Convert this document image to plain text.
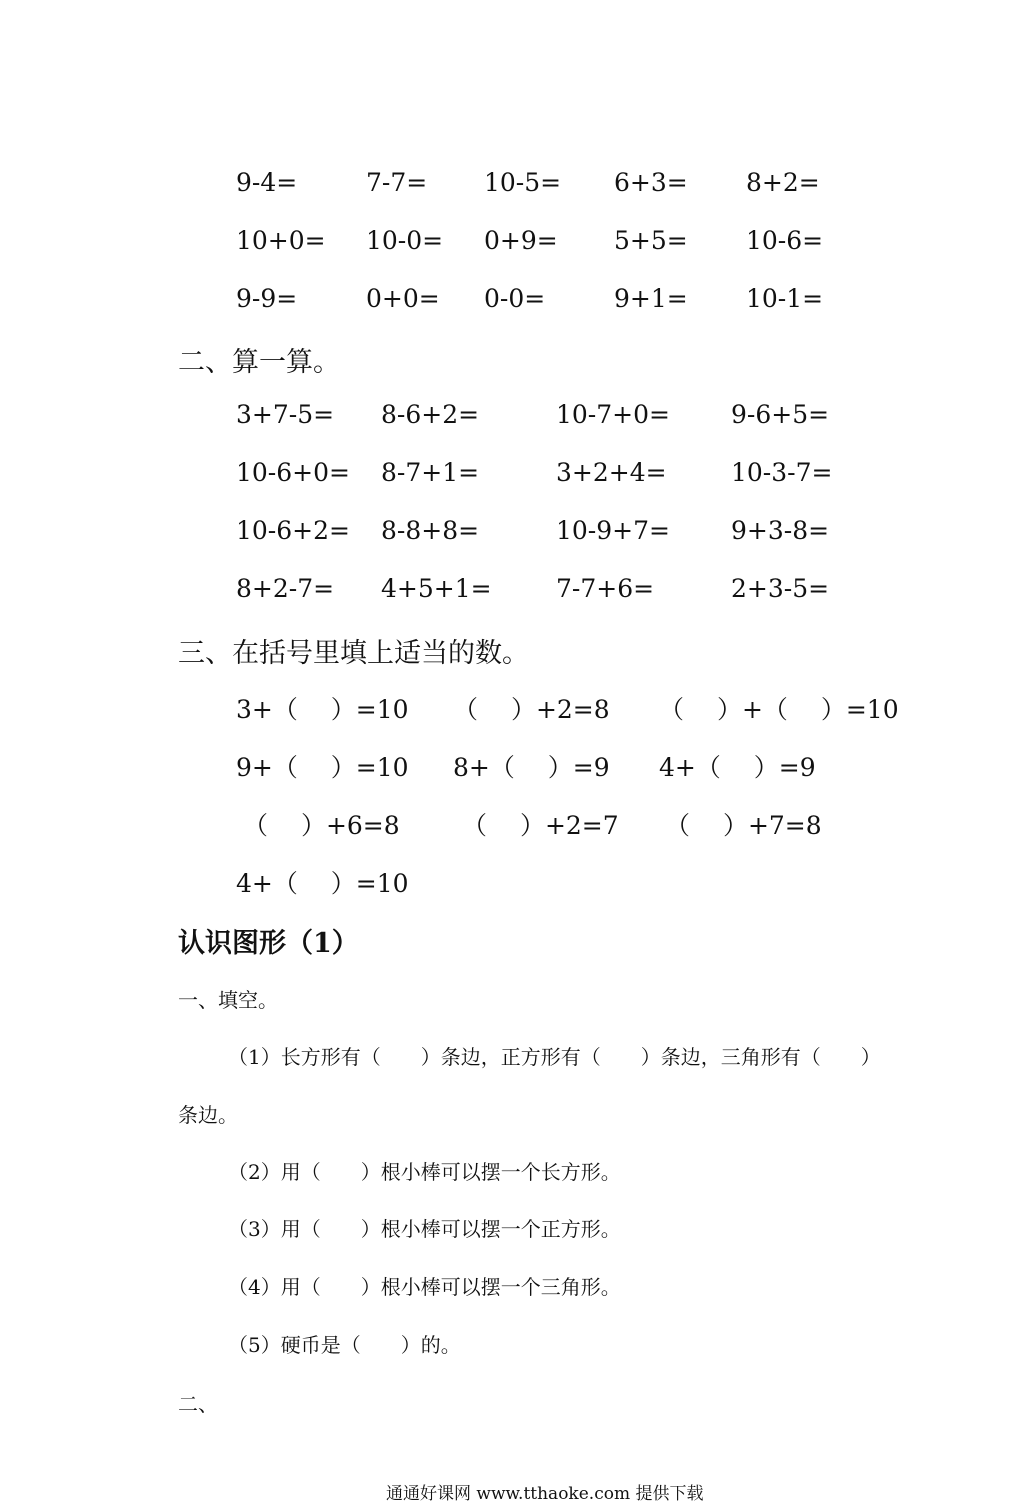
9-4=	7-7= 10-5= 6+3= 8+2=
10+0= 10-0= 0+9= 5+5= 10-6=
9-9=	0+0= 0-0=	9+1= 10-1=
二、算一算。
3+7-5= 8-6+2=	10-7+0= 9-6+5=
10-6+0= 8-7+1=	3+2+4=	10-3-7=
10-6+2= 8-8+8=	10-9+7= 9+3-8=
8+2-7= 4+5+1=	7-7+6=	2+3-5=
三、在括号里填上适当的数。
3+（　 ）=10 （　 ）+2=8 （　 ）+（　 ）=10
9+（　 ）=10 8+（　 ）=9 4+（　 ）=9
（　 ）+6=8 （　 ）+2=7 （　 ）+7=8
4+（　 ）=10
认识图形（1）
一、填空。
（1）长方形有（　　）条边，正方形有（　　）条边，三角形有（　　）
条边。
（2）用（　　）根小棒可以摆一个长方形。
（3）用（　　）根小棒可以摆一个正方形。
（4）用（　　）根小棒可以摆一个三角形。
（5）硬币是（　　）的。
二、
通通好课网 www.tthaoke.com 提供下载
